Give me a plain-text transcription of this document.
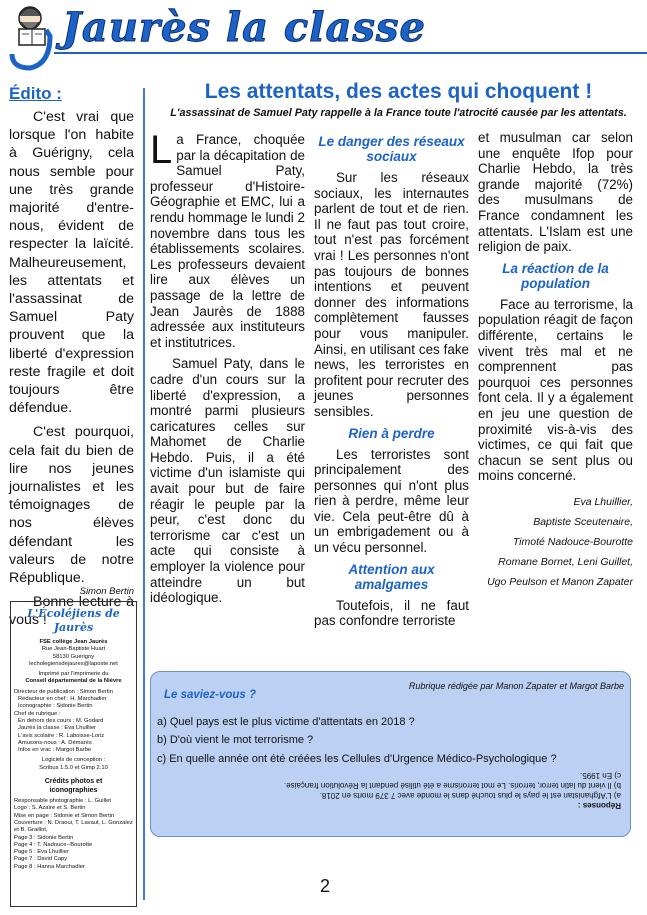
Jaurès la classe
Édito :

C'est vrai que lorsque l'on habite à Guérigny, cela nous semble pour une très grande majorité d'entre-nous, évident de respecter la laïcité. Malheureusement, les attentats et l'assassinat de Samuel Paty prouvent que la liberté d'expression reste fragile et doit toujours être défendue.

C'est pourquoi, cela fait du bien de lire nos jeunes journalistes et les témoignages de nos élèves défendant les valeurs de notre République.

Bonne lecture à vous !

Simon Bertin
L'Écoléjiens de Jaurès
FSE collège Jean Jaurès
Rue Jean-Baptiste Huart
58130 Guérigny
lecholegiensdejaures@laposte.net
Imprimé par l'imprimerie du
Conseil départemental de la Nièvre
Directeur de publication : Simon Bertin
Rédacteur en chef : H. Marchadier
Iconographie : Sidonie Bertin
Chef de rubrique :
En dehors des cours : M. Godard
Jaurès la classe : Eva Lhuillier
L'avis scolaire : R. Laboisse-Loriz
Amusons-nous : A. Démarès
Infos en vrac : Margot Barbe
Logiciels de conception :
Scribus 1.5.0 et Gimp 2.10
Crédits photos et
iconographies
Responsable photographie : L. Guillet
Logo : S. Azaïre et S. Bertin
Mise en page : Sidonie et Simon Bertin
Couverture : N. Draoui, T. Lavaut, L. Gonzalez et B. Graillot,
Page 3 : Sidonie Bertin
Page 4 : T. Nadouce--Bourotte
Page 5 : Eva Lhuillier
Page 7 : David Capy
Page 8 : Hanna Marchadier
Les attentats, des actes qui choquent !
L'assassinat de Samuel Paty rappelle à la France toute l'atrocité causée par les attentats.

La France, choquée par la décapitation de Samuel Paty, professeur d'Histoire-Géographie et EMC, lui a rendu hommage le lundi 2 novembre dans tous les établissements scolaires. Les professeurs devaient lire aux élèves un passage de la lettre de Jean Jaurès de 1888 adressée aux instituteurs et institutrices.

Samuel Paty, dans le cadre d'un cours sur la liberté d'expression, a montré parmi plusieurs caricatures celles sur Mahomet de Charlie Hebdo. Puis, il a été victime d'un islamiste qui avait pour but de faire réagir le peuple par la peur, c'est donc du terrorisme car c'est un acte qui consiste à employer la violence pour atteindre un but idéologique.

Le danger des réseaux sociaux

Sur les réseaux sociaux, les internautes parlent de tout et de rien. Il ne faut pas tout croire, tout n'est pas forcément vrai ! Les personnes n'ont pas toujours de bonnes intentions et peuvent donner des informations complètement fausses pour vous manipuler. Ainsi, en utilisant ces fake news, les terroristes en profitent pour recruter des jeunes personnes sensibles.

Rien à perdre

Les terroristes sont principalement des personnes qui n'ont plus rien à perdre, même leur vie. Cela peut-être dû à un embrigadement ou à un vécu personnel.

Attention aux amalgames

Toutefois, il ne faut pas confondre terroriste

et musulman car selon une enquête Ifop pour Charlie Hebdo, la très grande majorité (72%) des musulmans de France condamnent les attentats. L'Islam est une religion de paix.

La réaction de la population

Face au terrorisme, la population réagit de façon différente, certains le vivent très mal et ne comprennent pas pourquoi ces personnes font cela. Il y a également en jeu une question de proximité vis-à-vis des victimes, ce qui fait que chacun se sent plus ou moins concerné.

Eva Lhuillier,
Baptiste Sceutenaire,
Timoté Nadouce-Bourotte
Romane Bornet, Leni Guillet,
Ugo Peulson et Manon Zapater
Rubrique rédigée par Manon Zapater et Margot Barbe
Le saviez-vous ?
a) Quel pays est le plus victime d'attentats en 2018 ?
b) D'où vient le mot terrorisme ?
c) En quelle année ont été créées les Cellules d'Urgence Médico-Psychologique ?
Réponses :
a) L'Afghanistan est le pays le plus touché dans le monde avec 7 379 morts en 2018.
b) Il vient du latin terror, terroris. Le mot terrorisme a été utilisé pendant la Révolution française.
c) En 1995.
2
